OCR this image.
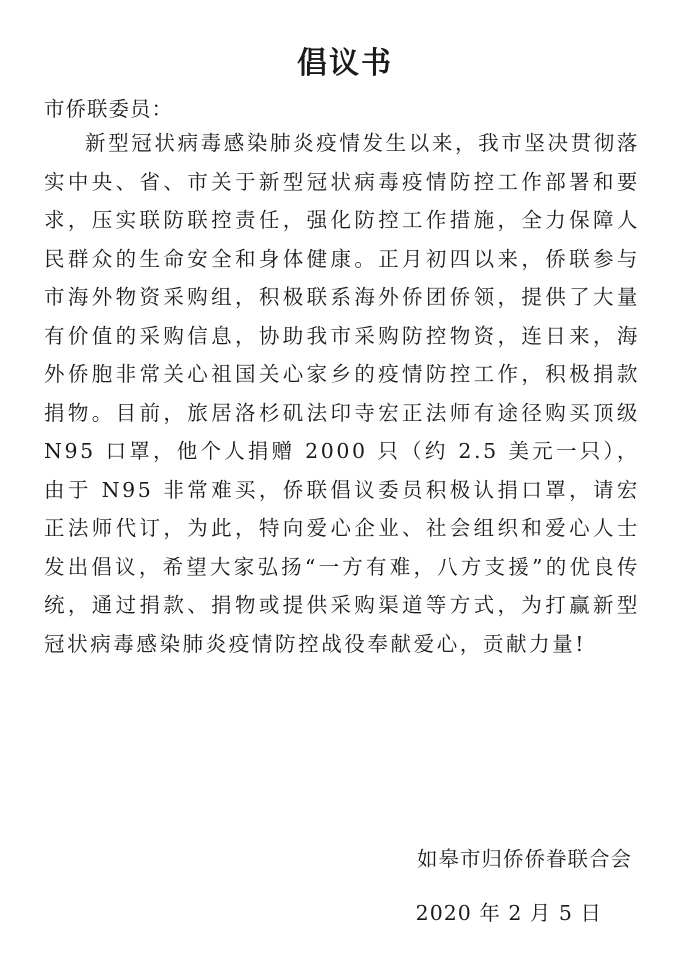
倡议书
市侨联委员：
新型冠状病毒感染肺炎疫情发生以来，我市坚决贯彻落实中央、省、市关于新型冠状病毒疫情防控工作部署和要求，压实联防联控责任，强化防控工作措施，全力保障人民群众的生命安全和身体健康。正月初四以来，侨联参与市海外物资采购组，积极联系海外侨团侨领，提供了大量有价值的采购信息，协助我市采购防控物资，连日来，海外侨胞非常关心祖国关心家乡的疫情防控工作，积极捐款捐物。目前，旅居洛杉矶法印寺宏正法师有途径购买顶级 N95 口罩，他个人捐赠 2000 只（约 2.5 美元一只），由于 N95 非常难买，侨联倡议委员积极认捐口罩，请宏正法师代订，为此，特向爱心企业、社会组织和爱心人士发出倡议，希望大家弘扬“一方有难，八方支援”的优良传统，通过捐款、捐物或提供采购渠道等方式，为打赢新型冠状病毒感染肺炎疫情防控战役奉献爱心，贡献力量!
如皋市归侨侨眷联合会
2020 年 2 月 5 日
